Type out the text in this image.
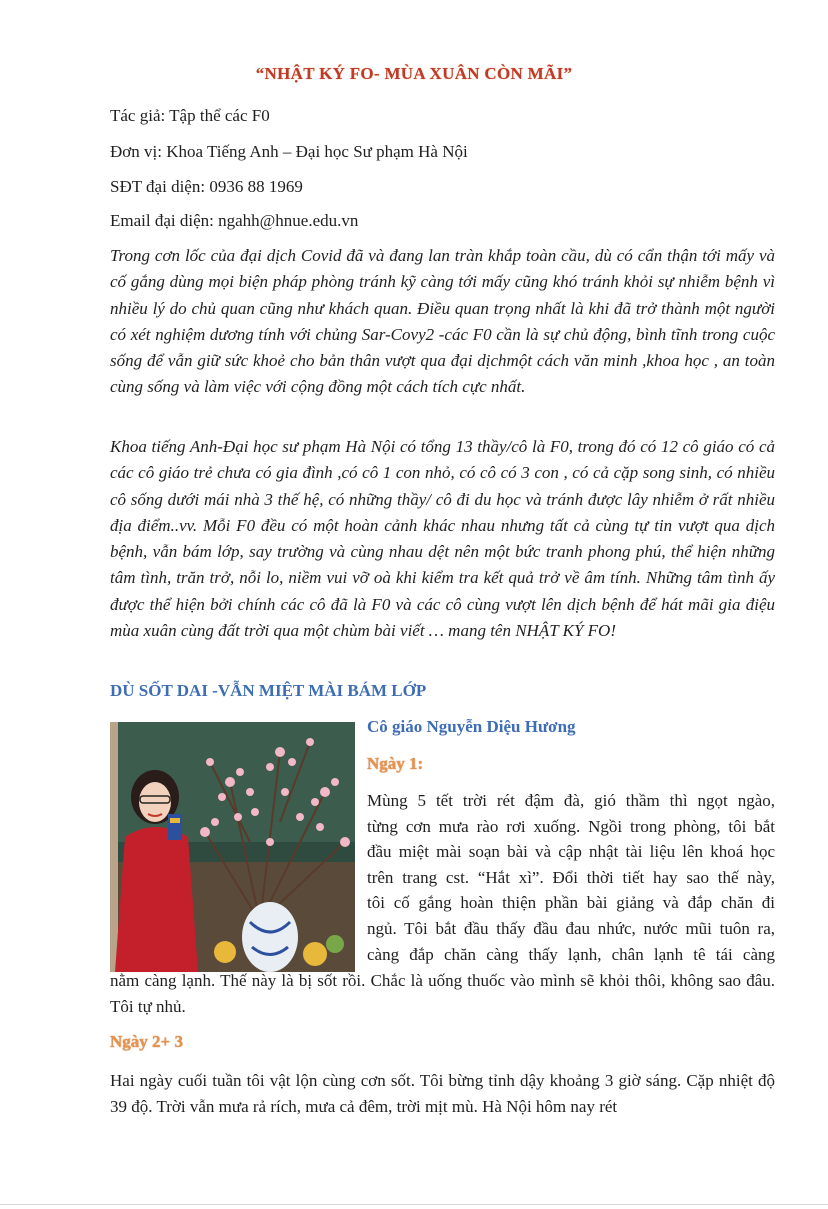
“NHẬT KÝ FO- MÙA XUÂN CÒN MÃI”
Tác giả: Tập thể các F0
Đơn vị: Khoa Tiếng Anh – Đại học Sư phạm Hà Nội
SĐT đại diện: 0936 88 1969
Email đại diện: ngahh@hnue.edu.vn

Trong cơn lốc của đại dịch Covid đã và đang lan tràn khắp toàn cầu, dù có cẩn thận tới mấy và cố gắng dùng mọi biện pháp phòng tránh kỹ càng tới mấy cũng khó tránh khỏi sự nhiễm bệnh vì nhiều lý do chủ quan cũng như khách quan. Điều quan trọng nhất là khi đã trở thành một người có xét nghiệm dương tính với chủng Sar-Covy2 -các F0 cần là sự chủ động, bình tĩnh trong cuộc sống để vẫn giữ sức khoẻ cho bản thân vượt qua đại dịchmột cách văn minh ,khoa học , an toàn cùng sống và làm việc với cộng đồng một cách tích cực nhất.

Khoa tiếng Anh-Đại học sư phạm Hà Nội có tổng 13 thầy/cô là F0, trong đó có 12 cô giáo có cả các cô giáo trẻ chưa có gia đình ,có cô 1 con nhỏ, có cô có 3 con , có cả cặp song sinh, có nhiều cô sống dưới mái nhà 3 thế hệ, có những thầy/ cô đi du học và tránh được lây nhiễm ở rất nhiều địa điểm..vv. Mỗi F0 đều có một hoàn cảnh khác nhau nhưng tất cả cùng tự tin vượt qua dịch bệnh, vẫn bám lớp, say trường và cùng nhau dệt nên một bức tranh phong phú, thể hiện những tâm tình, trăn trở, nỗi lo, niềm vui vỡ oà khi kiểm tra kết quả trở về âm tính. Những tâm tình ấy được thể hiện bởi chính các cô đã là F0 và các cô cùng vượt lên dịch bệnh để hát mãi gia điệu mùa xuân cùng đất trời qua một chùm bài viết … mang tên NHẬT KÝ FO!

DÙ SỐT DAI -VẪN MIỆT MÀI BÁM LỚP
Cô giáo Nguyễn Diệu Hương
Ngày 1:
Mùng 5 tết trời rét đậm đà, gió thầm thì ngọt ngào,
từng cơn mưa rào rơi xuống. Ngồi trong phòng, tôi bắt
đầu miệt mài soạn bài và cập nhật tài liệu lên khoá học
trên trang cst. “Hắt xì”. Đổi thời tiết hay sao thế này,
tôi cố gắng hoàn thiện phần bài giảng và đắp chăn đi
ngủ. Tôi bắt đầu thấy đầu đau nhức, nước mũi tuôn ra,
càng đắp chăn càng thấy lạnh, chân lạnh tê tái càng

nằm càng lạnh. Thế này là bị sốt rồi. Chắc là uống thuốc vào mình sẽ khỏi thôi, không sao đâu. Tôi tự nhủ.

Ngày 2+ 3

Hai ngày cuối tuần tôi vật lộn cùng cơn sốt. Tôi bừng tỉnh dậy khoảng 3 giờ sáng. Cặp nhiệt độ 39 độ. Trời vẫn mưa rả rích, mưa cả đêm, trời mịt mù. Hà Nội hôm nay rét
